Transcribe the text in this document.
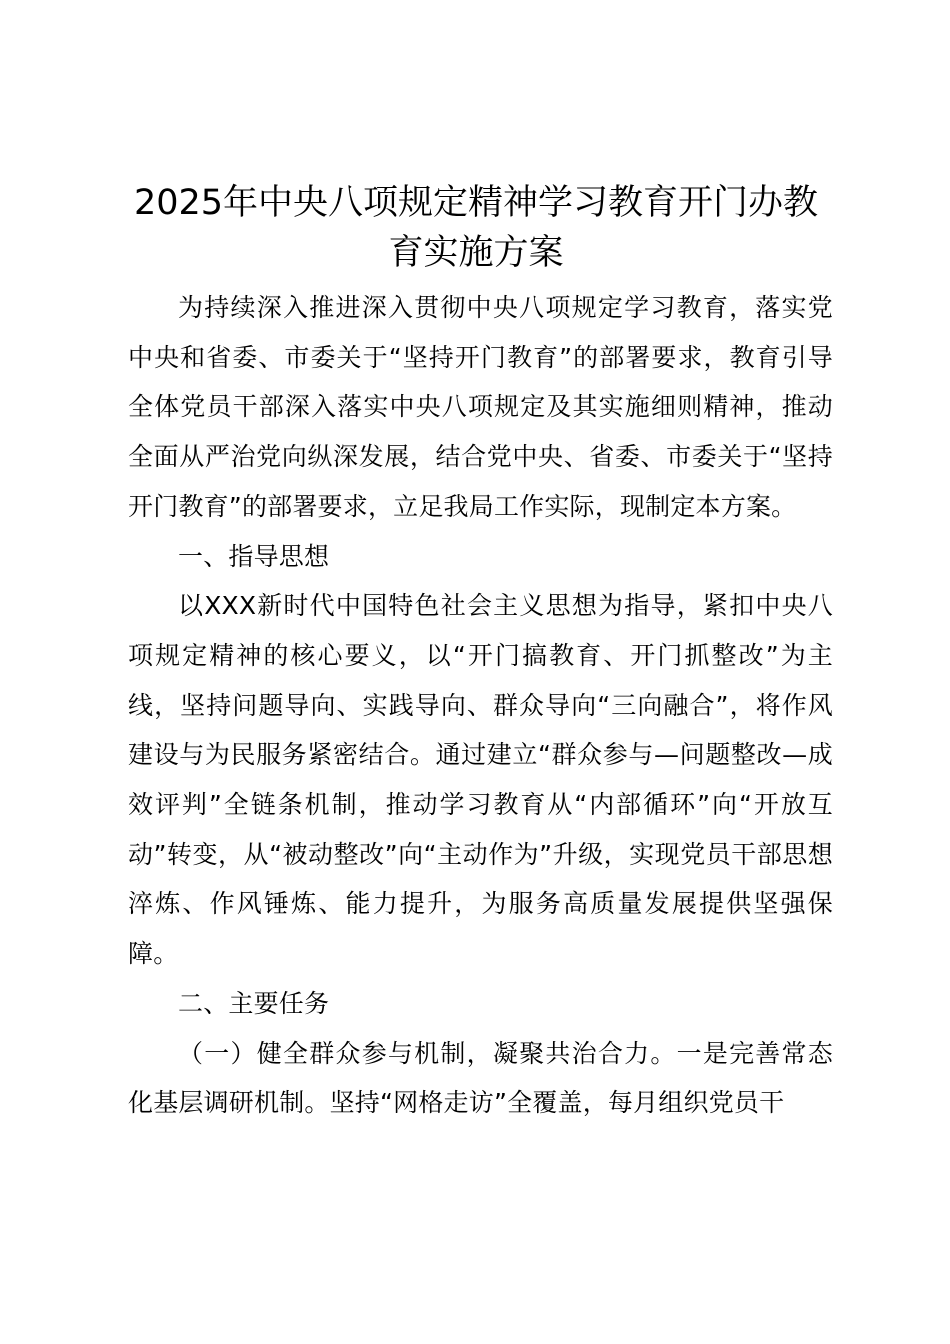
2025年中央八项规定精神学习教育开门办教育实施方案

为持续深入推进深入贯彻中央八项规定学习教育，落实党中央和省委、市委关于“坚持开门教育”的部署要求，教育引导全体党员干部深入落实中央八项规定及其实施细则精神，推动全面从严治党向纵深发展，结合党中央、省委、市委关于“坚持开门教育”的部署要求，立足我局工作实际，现制定本方案。

一、指导思想

以XXX新时代中国特色社会主义思想为指导，紧扣中央八项规定精神的核心要义，以“开门搞教育、开门抓整改”为主线，坚持问题导向、实践导向、群众导向“三向融合”，将作风建设与为民服务紧密结合。通过建立“群众参与—问题整改—成效评判”全链条机制，推动学习教育从“内部循环”向“开放互动”转变，从“被动整改”向“主动作为”升级，实现党员干部思想淬炼、作风锤炼、能力提升，为服务高质量发展提供坚强保障。

二、主要任务

（一）健全群众参与机制，凝聚共治合力。一是完善常态化基层调研机制。坚持“网格走访”全覆盖，每月组织党员干
